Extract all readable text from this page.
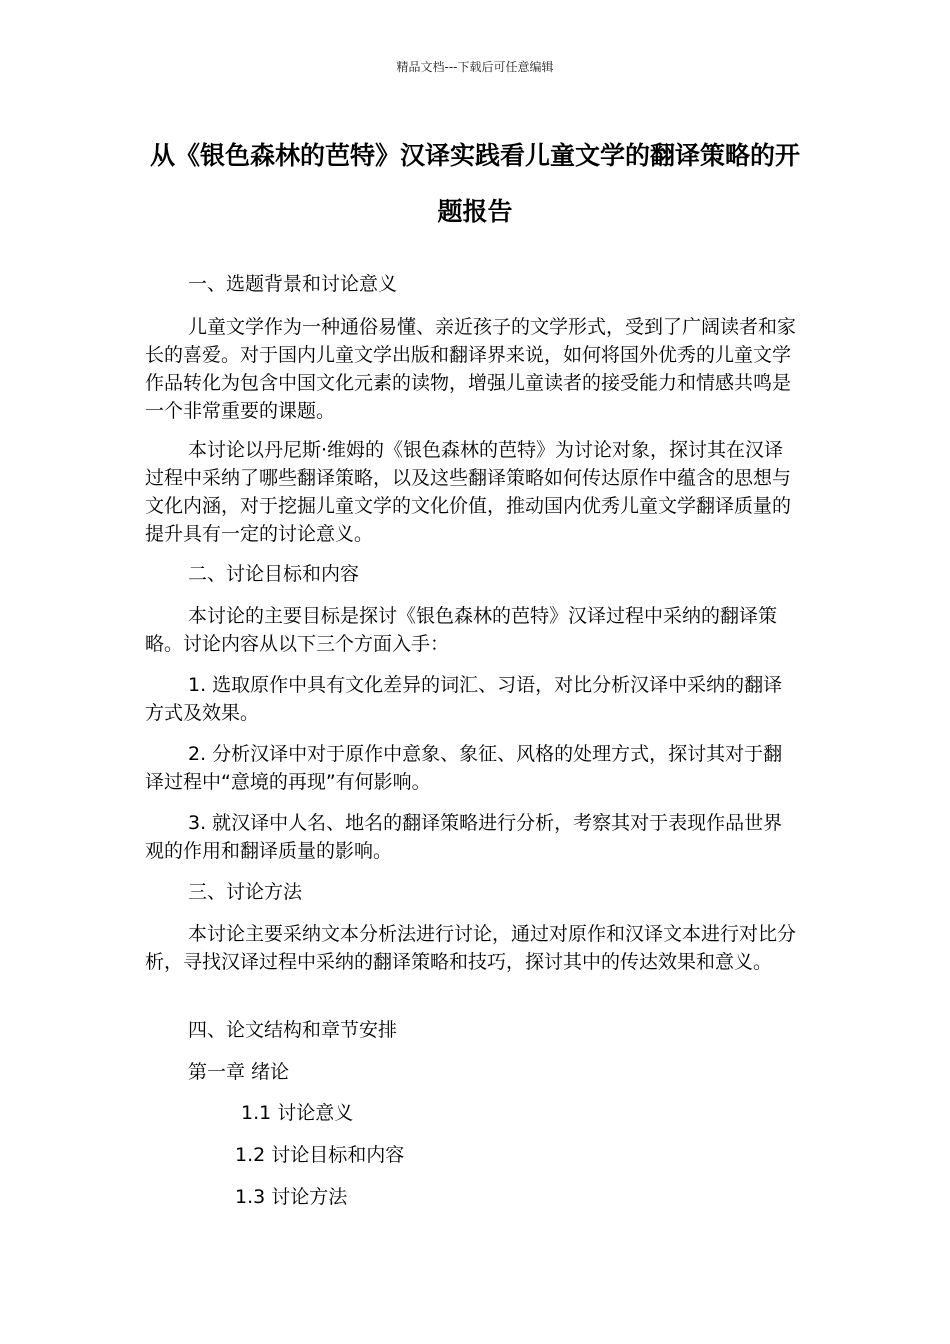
精品文档---下载后可任意编辑
从《银色森林的芭特》汉译实践看儿童文学的翻译策略的开题报告
一、选题背景和讨论意义
儿童文学作为一种通俗易懂、亲近孩子的文学形式，受到了广阔读者和家长的喜爱。对于国内儿童文学出版和翻译界来说，如何将国外优秀的儿童文学作品转化为包含中国文化元素的读物，增强儿童读者的接受能力和情感共鸣是一个非常重要的课题。
本讨论以丹尼斯·维姆的《银色森林的芭特》为讨论对象，探讨其在汉译过程中采纳了哪些翻译策略，以及这些翻译策略如何传达原作中蕴含的思想与文化内涵，对于挖掘儿童文学的文化价值，推动国内优秀儿童文学翻译质量的提升具有一定的讨论意义。
二、讨论目标和内容
本讨论的主要目标是探讨《银色森林的芭特》汉译过程中采纳的翻译策略。讨论内容从以下三个方面入手：
1. 选取原作中具有文化差异的词汇、习语，对比分析汉译中采纳的翻译方式及效果。
2. 分析汉译中对于原作中意象、象征、风格的处理方式，探讨其对于翻译过程中“意境的再现”有何影响。
3. 就汉译中人名、地名的翻译策略进行分析，考察其对于表现作品世界观的作用和翻译质量的影响。
三、讨论方法
本讨论主要采纳文本分析法进行讨论，通过对原作和汉译文本进行对比分析，寻找汉译过程中采纳的翻译策略和技巧，探讨其中的传达效果和意义。
四、论文结构和章节安排
第一章 绪论
1.1 讨论意义
1.2 讨论目标和内容
1.3 讨论方法
